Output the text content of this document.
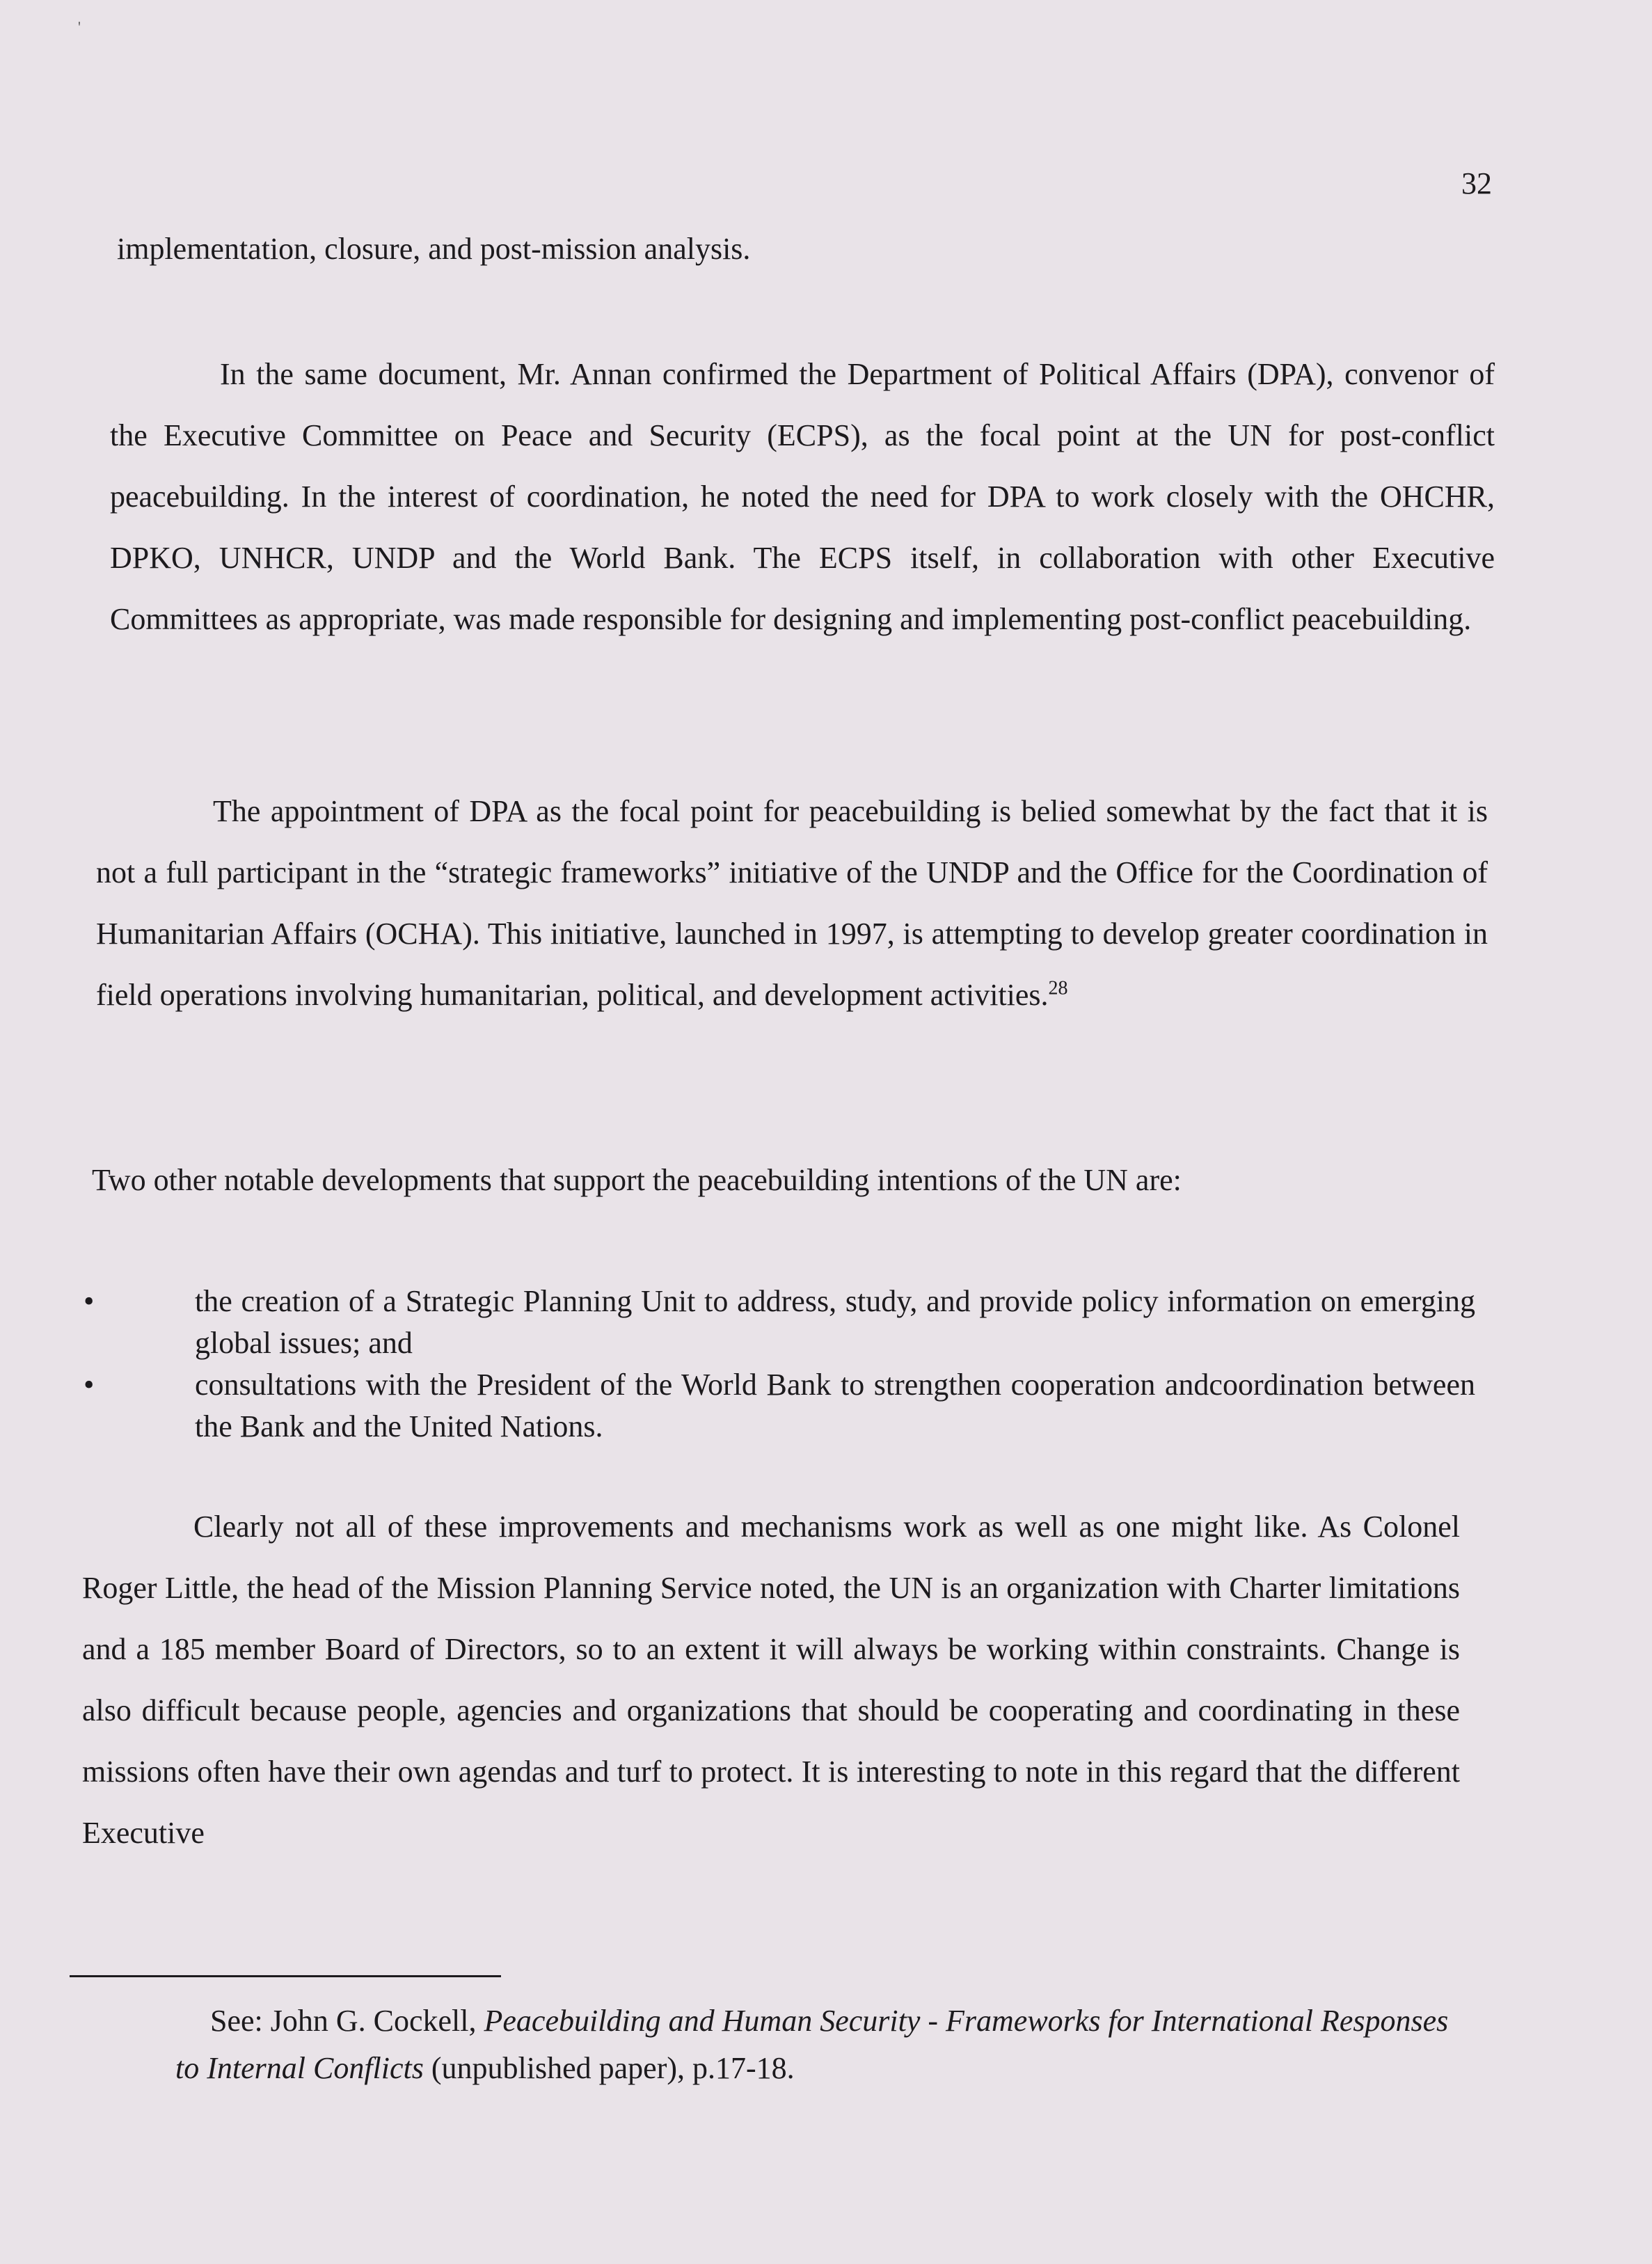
'
32

implementation, closure, and post-mission analysis.

In the same document, Mr. Annan confirmed the Department of Political Affairs (DPA), convenor of the Executive Committee on Peace and Security (ECPS), as the focal point at the UN for post-conflict peacebuilding. In the interest of coordination, he noted the need for DPA to work closely with the OHCHR, DPKO, UNHCR, UNDP and the World Bank. The ECPS itself, in collaboration with other Executive Committees as appropriate, was made responsible for designing and implementing post-conflict peacebuilding.

The appointment of DPA as the focal point for peacebuilding is belied somewhat by the fact that it is not a full participant in the “strategic frameworks” initiative of the UNDP and the Office for the Coordination of Humanitarian Affairs (OCHA). This initiative, launched in 1997, is attempting to develop greater coordination in field operations involving humanitarian, political, and development activities.$^{28}$

Two other notable developments that support the peacebuilding intentions of the UN are:

•	the creation of a Strategic Planning Unit to address, study, and provide policy information on emerging global issues; and
•	consultations with the President of the World Bank to strengthen cooperation andcoordination between the Bank and the United Nations.

Clearly not all of these improvements and mechanisms work as well as one might like. As Colonel Roger Little, the head of the Mission Planning Service noted, the UN is an organization with Charter limitations and a 185 member Board of Directors, so to an extent it will always be working within constraints. Change is also difficult because people, agencies and organizations that should be cooperating and coordinating in these missions often have their own agendas and turf to protect. It is interesting to note in this regard that the different Executive

See: John G. Cockell, Peacebuilding and Human Security - Frameworks for International Responses to Internal Conflicts (unpublished paper), p.17-18.
